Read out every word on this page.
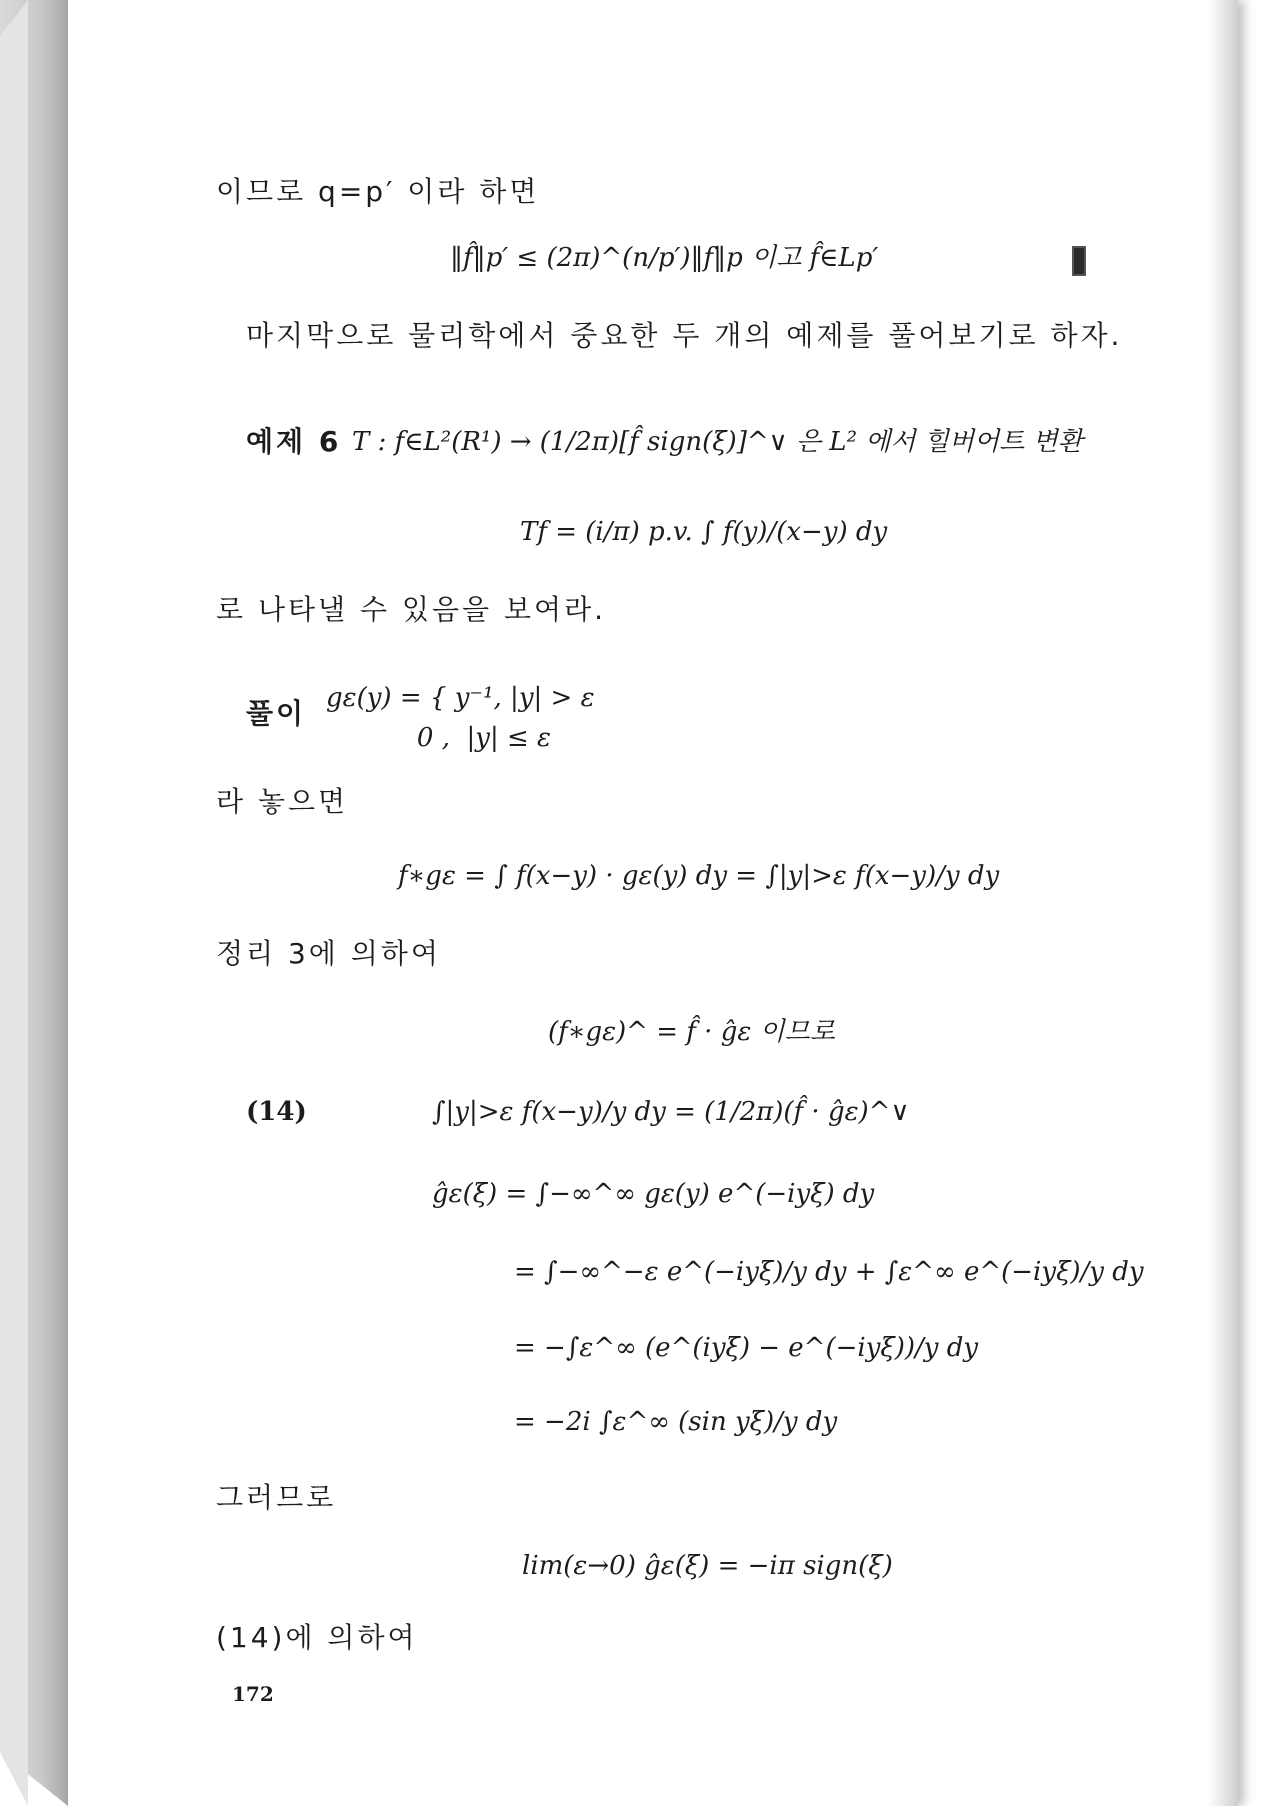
이므로 q=p′ 이라 하면
‖f̂‖p′ ≤ (2π)^(n/p′)‖f‖p 이고 f̂∈Lp′
마지막으로 물리학에서 중요한 두 개의 예제를 풀어보기로 하자.
예제 6 T : f∈L²(R¹) → (1/2π)[f̂ sign(ξ)]^∨ 은 L² 에서 힐버어트 변환
Tf = (i/π) p.v. ∫ f(y)/(x−y) dy
로 나타낼 수 있음을 보여라.
풀이 gε(y) = { y⁻¹, |y| > ε
0 ,  |y| ≤ ε
라 놓으면
f∗gε = ∫ f(x−y) · gε(y) dy = ∫|y|>ε f(x−y)/y dy
정리 3에 의하여
(f∗gε)^ = f̂ · ĝε 이므로
(14)	∫|y|>ε f(x−y)/y dy = (1/2π)(f̂ · ĝε)^∨
ĝε(ξ) = ∫−∞^∞ gε(y) e^(−iyξ) dy
= ∫−∞^−ε e^(−iyξ)/y dy + ∫ε^∞ e^(−iyξ)/y dy
= −∫ε^∞ (e^(iyξ) − e^(−iyξ))/y dy
= −2i ∫ε^∞ (sin yξ)/y dy
그러므로
lim(ε→0) ĝε(ξ) = −iπ sign(ξ)
(14)에 의하여
172
